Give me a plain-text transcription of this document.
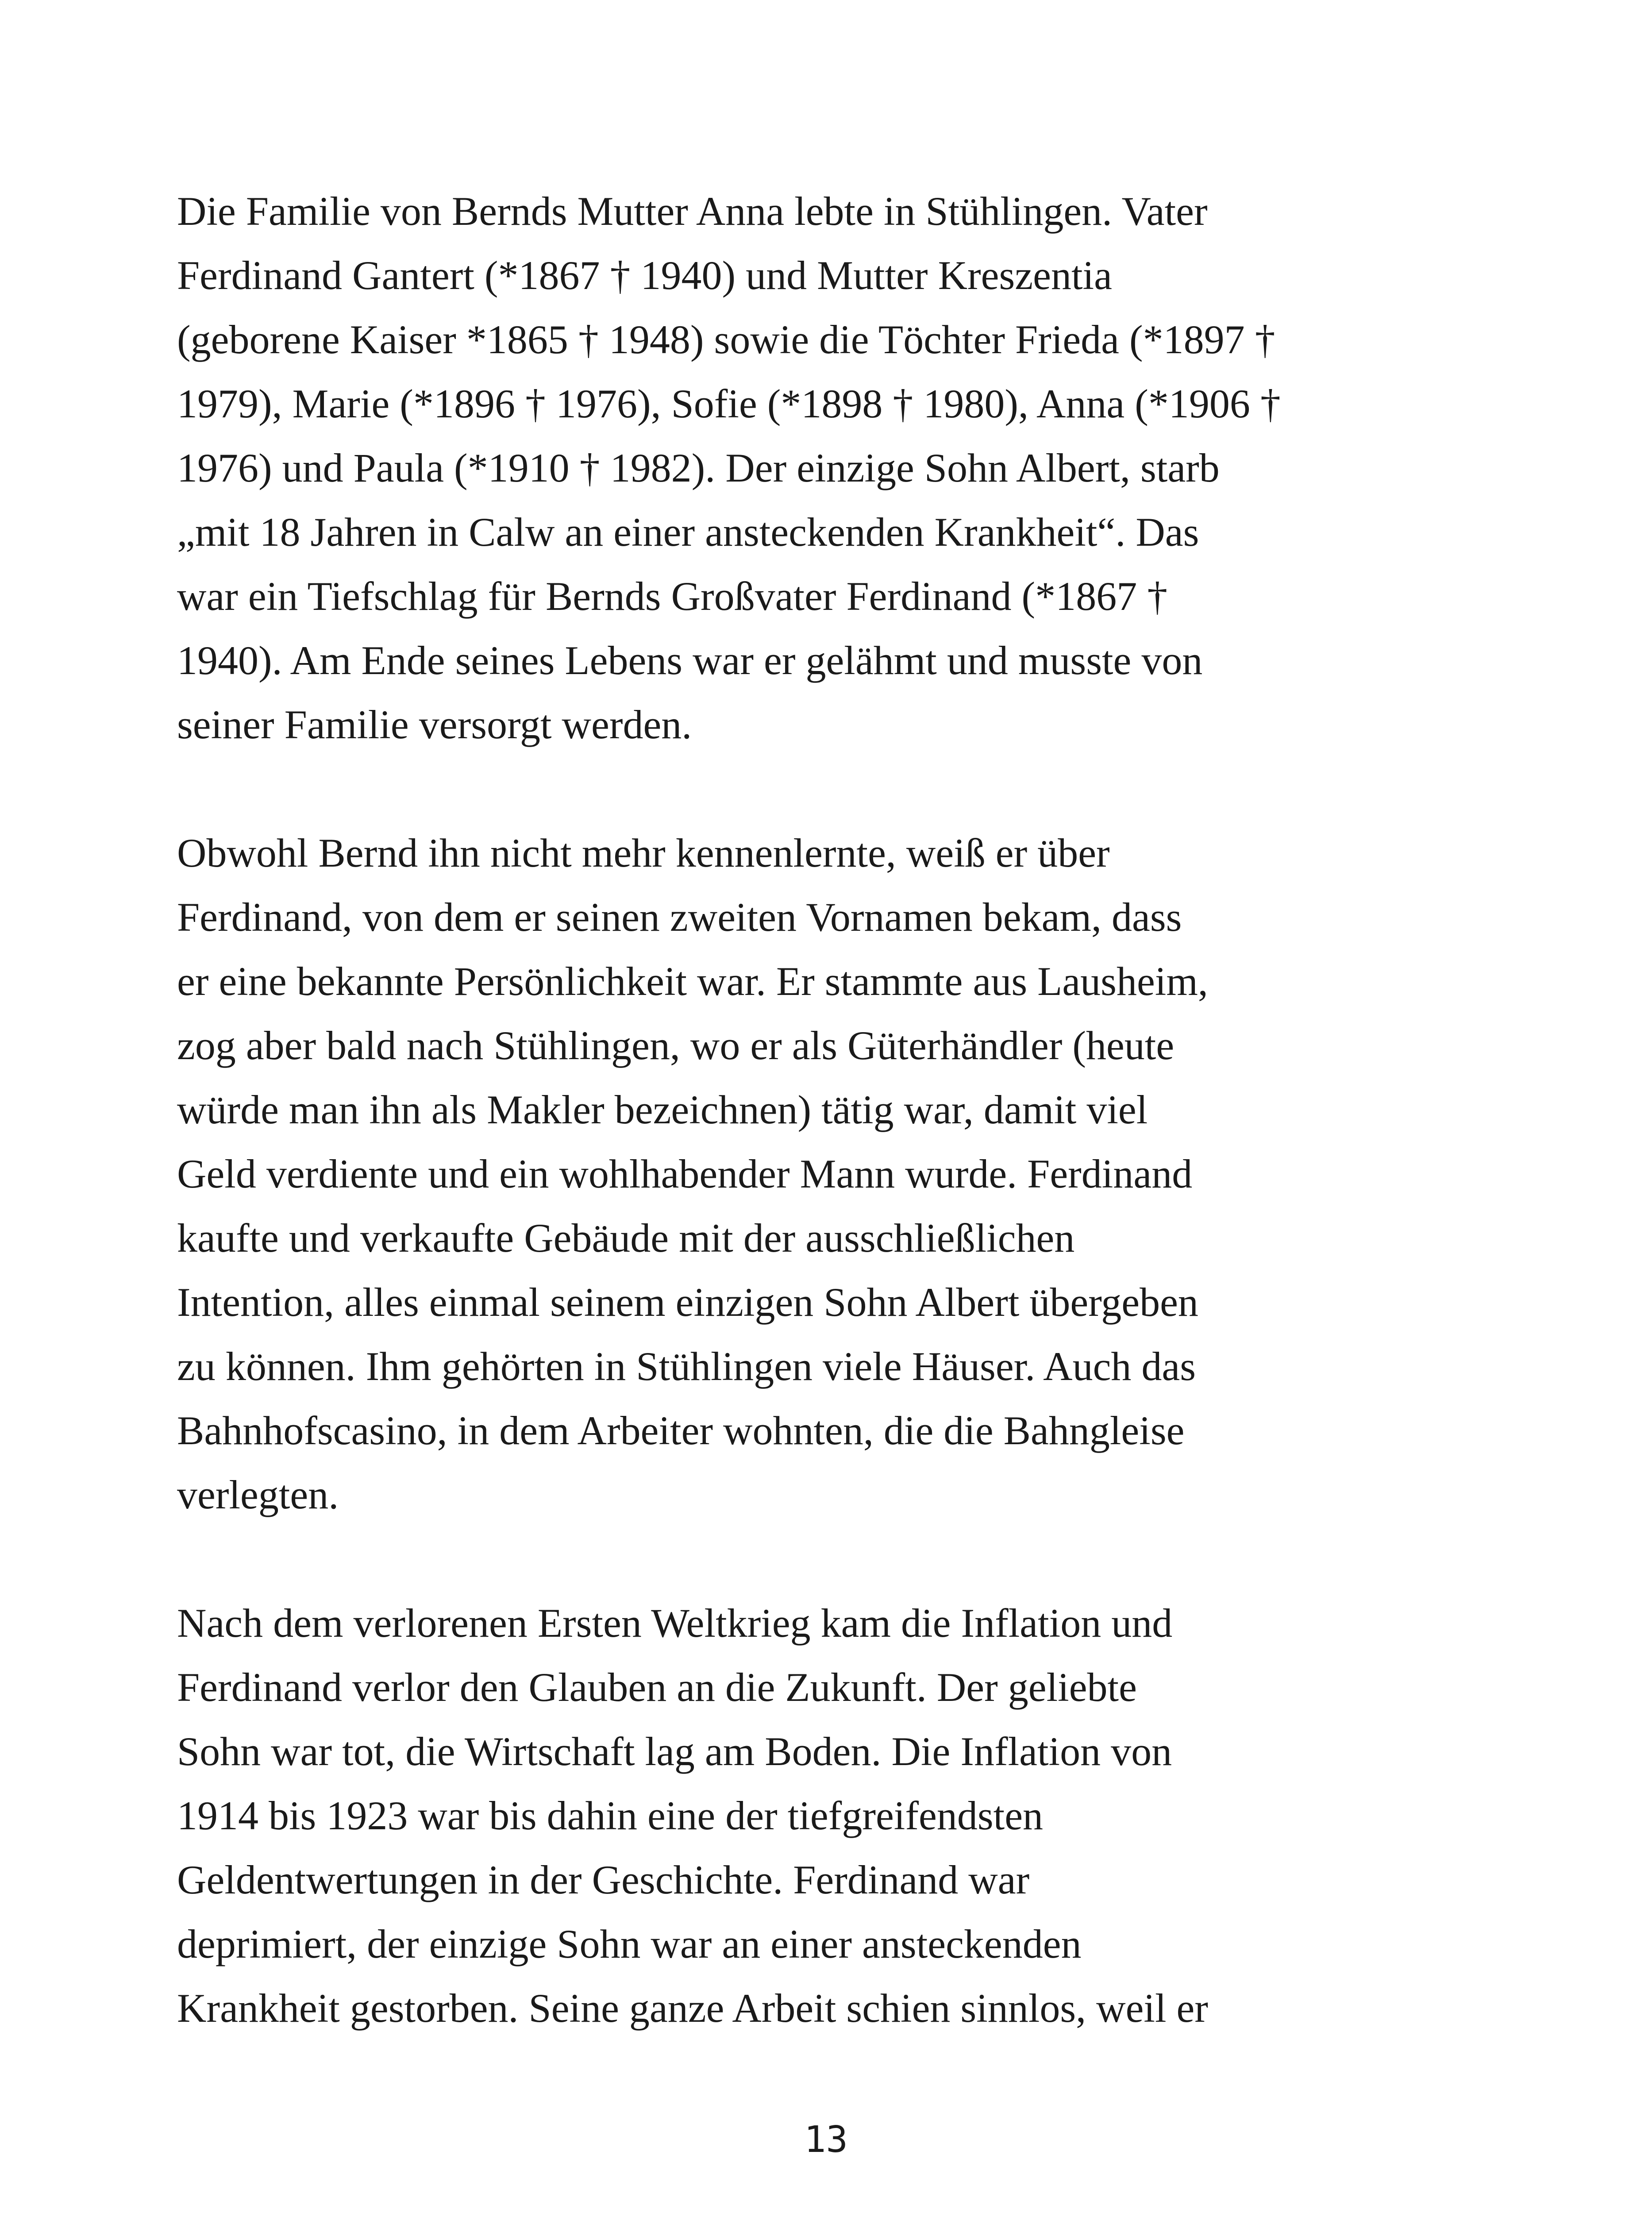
Die Familie von Bernds Mutter Anna lebte in Stühlingen. Vater
Ferdinand Gantert (*1867 † 1940) und Mutter Kreszentia
(geborene Kaiser *1865 † 1948) sowie die Töchter Frieda (*1897 †
1979), Marie (*1896 † 1976), Sofie (*1898 † 1980), Anna (*1906 †
1976) und Paula (*1910 † 1982). Der einzige Sohn Albert, starb
„mit 18 Jahren in Calw an einer ansteckenden Krankheit“. Das
war ein Tiefschlag für Bernds Großvater Ferdinand (*1867 †
1940). Am Ende seines Lebens war er gelähmt und musste von
seiner Familie versorgt werden.

Obwohl Bernd ihn nicht mehr kennenlernte, weiß er über
Ferdinand, von dem er seinen zweiten Vornamen bekam, dass
er eine bekannte Persönlichkeit war. Er stammte aus Lausheim,
zog aber bald nach Stühlingen, wo er als Güterhändler (heute
würde man ihn als Makler bezeichnen) tätig war, damit viel
Geld verdiente und ein wohlhabender Mann wurde. Ferdinand
kaufte und verkaufte Gebäude mit der ausschließlichen
Intention, alles einmal seinem einzigen Sohn Albert übergeben
zu können. Ihm gehörten in Stühlingen viele Häuser. Auch das
Bahnhofscasino, in dem Arbeiter wohnten, die die Bahngleise
verlegten.

Nach dem verlorenen Ersten Weltkrieg kam die Inflation und
Ferdinand verlor den Glauben an die Zukunft. Der geliebte
Sohn war tot, die Wirtschaft lag am Boden. Die Inflation von
1914 bis 1923 war bis dahin eine der tiefgreifendsten
Geldentwertungen in der Geschichte. Ferdinand war
deprimiert, der einzige Sohn war an einer ansteckenden
Krankheit gestorben. Seine ganze Arbeit schien sinnlos, weil er

13
